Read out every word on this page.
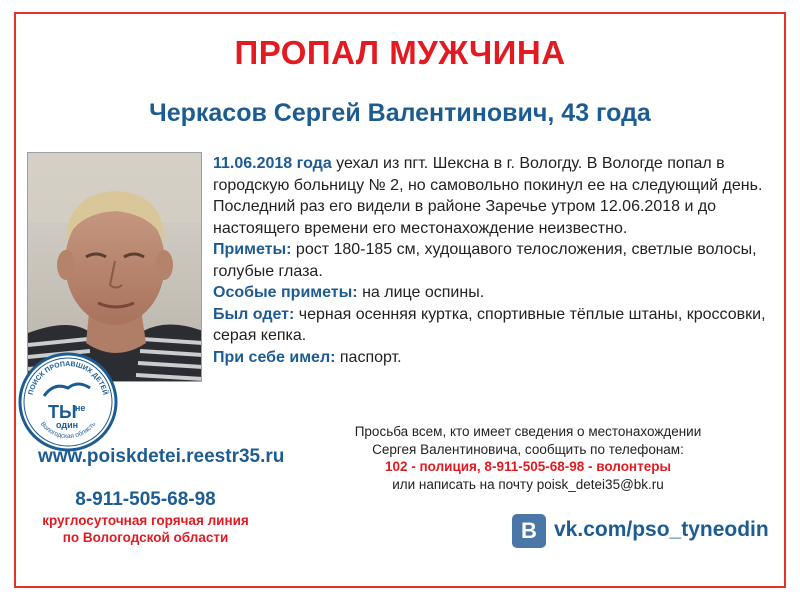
ПРОПАЛ МУЖЧИНА
Черкасов Сергей Валентинович, 43 года
11.06.2018 года уехал из пгт. Шексна в г. Вологду. В Вологде попал в городскую больницу № 2, но самовольно покинул ее на следующий день. Последний раз его видели в районе Заречье утром 12.06.2018 и до настоящего времени его местонахождение неизвестно.
Приметы: рост 180-185 см, худощавого телосложения, светлые волосы, голубые глаза.
Особые приметы: на лице оспины.
Был одет: черная осенняя куртка, спортивные тёплые штаны, кроссовки, серая кепка.
При себе имел: паспорт.
ПОИСК ПРОПАВШИХ ДЕТЕЙ
Вологодская область
ТЫ
не
один
www.poiskdetei.reestr35.ru
8-911-505-68-98
круглосуточная горячая линия
по Вологодской области
Просьба всем, кто имеет сведения о местонахождении
Сергея Валентиновича, сообщить по телефонам:
102 - полиция, 8-911-505-68-98 - волонтеры
или написать на почту poisk_detei35@bk.ru
В vk.com/pso_tyneodin
